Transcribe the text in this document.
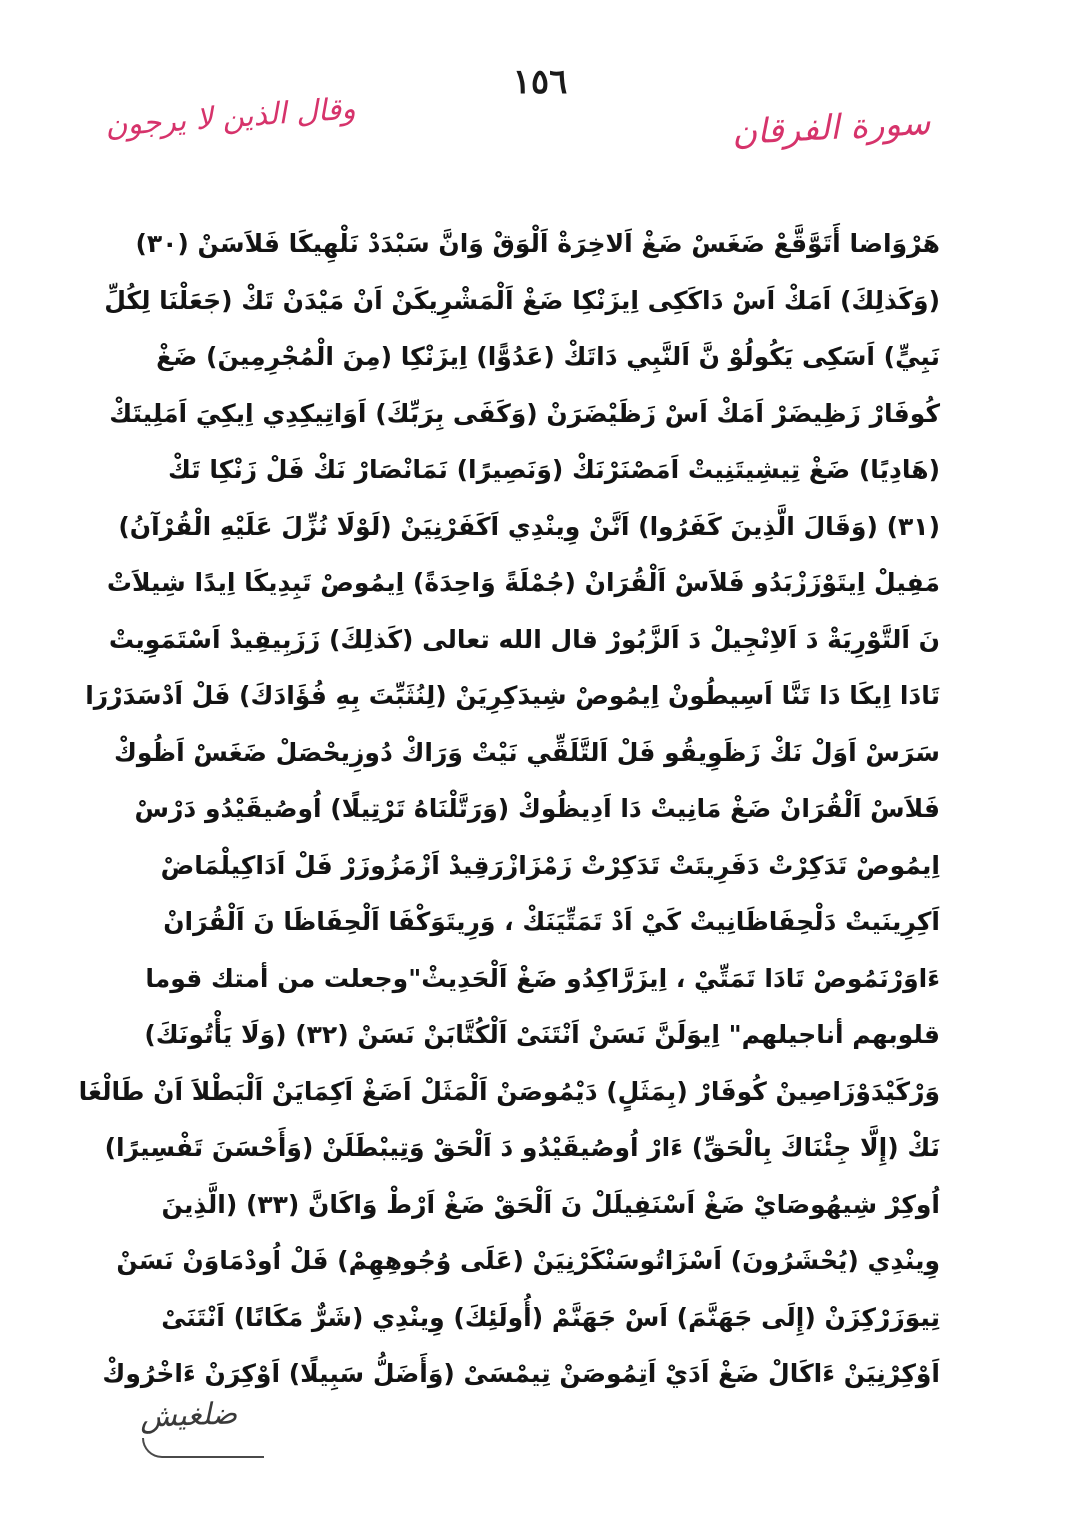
١٥٦
سورة الفرقان
وقال الذين لا يرجون
هَرْوَاضا أَتَوَّقَّعْ ضَغَسْ ضَغْ اَلاخِرَةْ اَلْوَقْ وَانَّ سَبْدَدْ نَلْهِيكَا فَلاَسَنْ (٣٠)
(وَكَذلِكَ) اَمَكْ اَسْ دَاكَكِى اِيزَنْكِا ضَغْ اَلْمَشْرِيكَنْ اَنْ مَيْدَنْ تَكْ (جَعَلْنَا لِكُلِّ
نَبِيٍّ) اَسَكِى يَكُولُوْ نَّ اَلنَّبِي دَاتَكْ (عَدُوًّا) اِيزَنْكِا (مِنَ الْمُجْرِمِينَ) ضَغْ
كُوفَارْ زَظِيضَرْ اَمَكْ اَسْ زَظَيْضَرَنْ (وَكَفَى بِرَبِّكَ) اَوَاتِيكِدِي اِيكِيَ اَمَلِيتَكْ
(هَادِيًا) ضَغْ تِيشِيتَنِيتْ اَمَصْنَرْنَكْ (وَنَصِيرًا) نَمَانْصَارْ نَكْ فَلْ زَنْكِا تَكْ
(٣١) (وَقَالَ الَّذِينَ كَفَرُوا) اَنَّنْ وِينْدِي اَكَفَرْنِيَنْ (لَوْلَا نُزِّلَ عَلَيْهِ الْقُرْآنُ)
مَفِيلْ اِيتَوْزَزْبَدُو فَلاَسْ اَلْقُرَانْ (جُمْلَةً وَاحِدَةً) اِيمُوصْ تَبِدِيكَا اِيدًا شِيلاَتْ
نَ اَلتَّوْرِيَةْ دَ اَلاِنْجِيلْ دَ اَلزَّبُورْ قال الله تعالى (كَذلِكَ) زَزَبِيقِيدْ اَسْتَمَوِيتْ
تَادَا اِيكَا دَا تَنَّا اَسِيطُونْ اِيمُوصْ شِيدَكِرِيَنْ (لِنُثَبِّتَ بِهِ فُؤَادَكَ) فَلْ اَدْسَدَرْرَا
سَرَسْ اَوَلْ نَكْ زَظَوِيقُو فَلْ اَلتَّلَقِّي نَيْتْ وَرَاكْ دُوزِيحْصَلْ ضَغَسْ اَظُوكْ
فَلاَسْ اَلْقُرَانْ ضَغْ مَانِيتْ دَا اَدِيظُوكْ (وَرَتَّلْنَاهُ تَرْتِيلًا) اُوصُيقَيْدُو دَرْسْ
اِيمُوصْ تَدَكِرْتْ دَفَرِيتَتْ تَدَكِرْتْ زَمْزَازْرَقِيدْ اَزْمَزُوزَرْ فَلْ اَدَاكِيلْمَاضْ
اَكِرِينَيتْ دَلْحِفَاظَانِيتْ كَيْ اَدْ تَمَتِّيَنَكْ ، وَرِيتَوَكْفَا اَلْحِفَاظَا نَ اَلْقُرَانْ
ءَاوَرْنَمُوصْ تَادَا تَمَتِّيْ ، اِيزَرَّاكِدُو ضَغْ اَلْحَدِيثْ"وجعلت من أمتك قوما
قلوبهم أناجيلهم" اِيوَلَنَّ نَسَنْ اَنْتَنَىْ اَلْكُتَّابَنْ نَسَنْ (٣٢) (وَلَا يَأْتُونَكَ)
وَرْكَيْدَوْزَاصِينْ كُوفَارْ (بِمَثَلٍ) دَيْمُوصَنْ اَلْمَثَلْ اَضَغْ اَكِمَايَنْ اَلْبَطْلاَ اَنْ طَالْغَا
نَكْ (إِلَّا جِئْنَاكَ بِالْحَقِّ) ءَارْ اُوصُيقَيْدُو دَ اَلْحَقْ وَتِيبْطَلَنْ (وَأَحْسَنَ تَفْسِيرًا)
اُوكِرْ شِيهُوصَايْ ضَغْ اَسْنَفِيلَلْ نَ اَلْحَقْ ضَغْ اَرْطْ وَاكَانَّ (٣٣) (الَّذِينَ
وِينْدِي (يُحْشَرُونَ) اَسْزَاتُوسَنْكَرْنِيَنْ (عَلَى وُجُوهِهِمْ) فَلْ اُودْمَاوَنْ نَسَنْ
تِيوَزَرْكِزَنْ (إِلَى جَهَنَّمَ) اَسْ جَهَنَّمْ (أُولَئِكَ) وِينْدِي (شَرٌّ مَكَانًا) اَنْتَنَىْ
اَوْكِرْنِيَنْ ءَاكَالْ ضَغْ اَدَيْ اَتِمُوصَنْ تِيمْسَىْ (وَأَضَلُّ سَبِيلًا) اَوْكِرَنْ ءَاخْرُوكْ
ضلغيش
